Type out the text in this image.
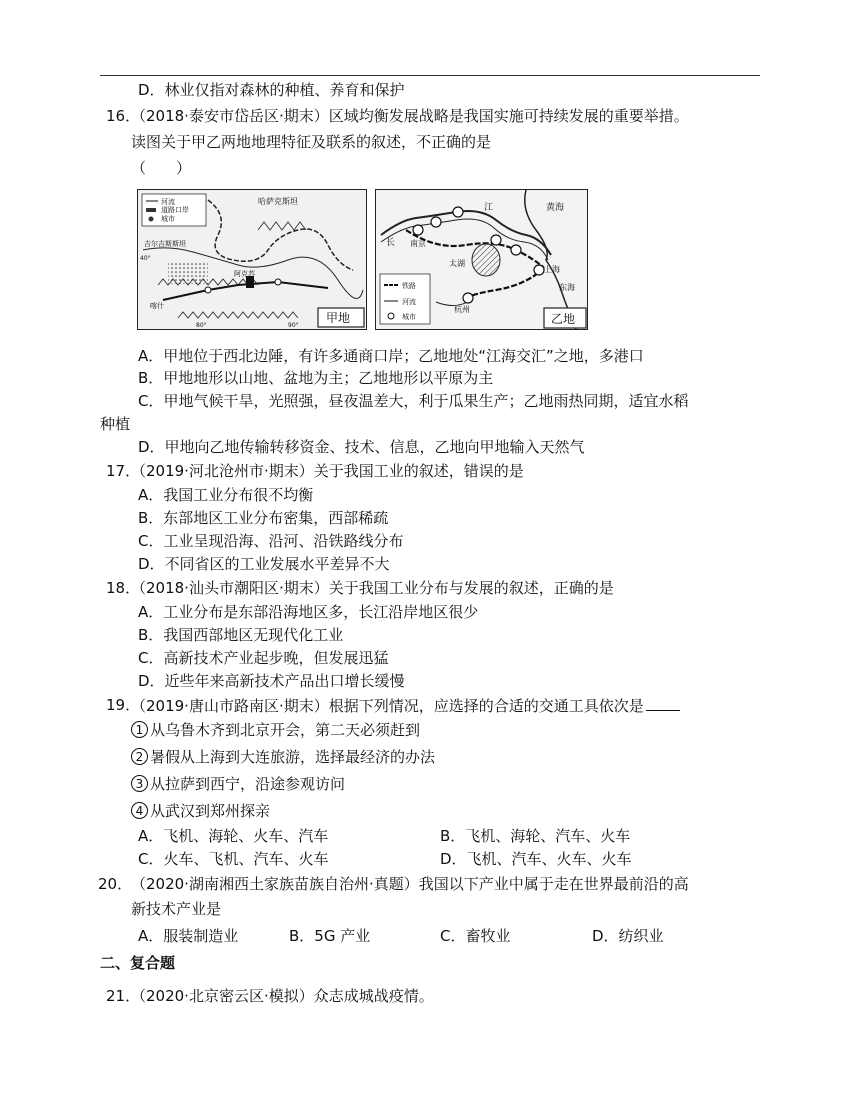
D．林业仅指对森林的种植、养育和保护
16．
（2018·泰安市岱岳区·期末）区域均衡发展战略是我国实施可持续发展的重要举措。
读图关于甲乙两地地理特征及联系的叙述，不正确的是
（　　）
河流
道路口岸
城市
哈萨克斯坦
吉尔吉斯斯坦
阿克苏
喀什
40°
80°	90°
甲地
黄海
江
长 南京
太湖
上海
东海
杭州
铁路
河流
城市	乙地
A．甲地位于西北边陲，有许多通商口岸；乙地地处“江海交汇”之地，多港口
B．甲地地形以山地、盆地为主；乙地地形以平原为主
C．甲地气候干旱，光照强，昼夜温差大，利于瓜果生产；乙地雨热同期，适宜水稻
种植
D．甲地向乙地传输转移资金、技术、信息，乙地向甲地输入天然气
17．
（2019·河北沧州市·期末）关于我国工业的叙述，错误的是
A．我国工业分布很不均衡
B．东部地区工业分布密集，西部稀疏
C．工业呈现沿海、沿河、沿铁路线分布
D．不同省区的工业发展水平差异不大
18．
（2018·汕头市潮阳区·期末）关于我国工业分布与发展的叙述，正确的是
A．工业分布是东部沿海地区多，长江沿岸地区很少
B．我国西部地区无现代化工业
C．高新技术产业起步晚，但发展迅猛
D．近些年来高新技术产品出口增长缓慢
19．
（2019·唐山市路南区·期末）根据下列情况，应选择的合适的交通工具依次是
1 从乌鲁木齐到北京开会，第二天必须赶到
2 暑假从上海到大连旅游，选择最经济的办法
3 从拉萨到西宁，沿途参观访问
4 从武汉到郑州探亲
A．飞机、海轮、火车、汽车	B．飞机、海轮、汽车、火车
C．火车、飞机、汽车、火车	D．飞机、汽车、火车、火车
20．
（2020·湖南湘西土家族苗族自治州·真题）我国以下产业中属于走在世界最前沿的高
新技术产业是
A．服装制造业	B．5G 产业	C．畜牧业	D．纺织业
二、复合题
21．
（2020·北京密云区·模拟）众志成城战疫情。
